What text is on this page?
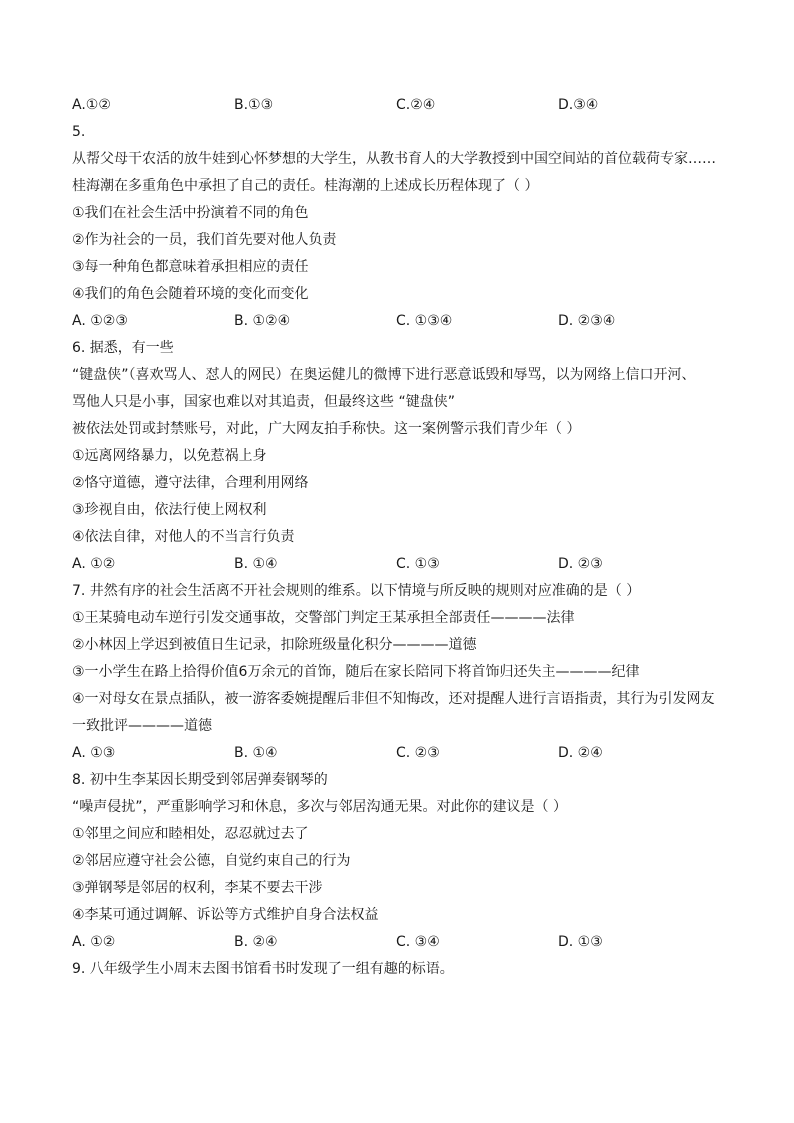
A.①②	B.①③	C.②④	D.③④
5.
从帮父母干农活的放牛娃到心怀梦想的大学生，从教书育人的大学教授到中国空间站的首位载荷专家……
桂海潮在多重角色中承担了自己的责任。桂海潮的上述成长历程体现了（ ）
①我们在社会生活中扮演着不同的角色
②作为社会的一员，我们首先要对他人负责
③每一种角色都意味着承担相应的责任
④我们的角色会随着环境的变化而变化
A. ①②③	B. ①②④	C. ①③④	D. ②③④
6. 据悉，有一些
“键盘侠”（喜欢骂人、怼人的网民）在奥运健儿的微博下进行恶意诋毁和辱骂，以为网络上信口开河、
骂他人只是小事，国家也难以对其追责，但最终这些 “键盘侠”
被依法处罚或封禁账号，对此，广大网友拍手称快。这一案例警示我们青少年（ ）
①远离网络暴力，以免惹祸上身
②恪守道德，遵守法律，合理利用网络
③珍视自由，依法行使上网权利
④依法自律，对他人的不当言行负责
A. ①②	B. ①④	C. ①③	D. ②③
7. 井然有序的社会生活离不开社会规则的维系。以下情境与所反映的规则对应准确的是（ ）
①王某骑电动车逆行引发交通事故，交警部门判定王某承担全部责任————法律
②小林因上学迟到被值日生记录，扣除班级量化积分————道德
③一小学生在路上拾得价值6万余元的首饰，随后在家长陪同下将首饰归还失主————纪律
④一对母女在景点插队，被一游客委婉提醒后非但不知悔改，还对提醒人进行言语指责，其行为引发网友
一致批评————道德
A. ①③	B. ①④	C. ②③	D. ②④
8. 初中生李某因长期受到邻居弹奏钢琴的
“噪声侵扰”，严重影响学习和休息，多次与邻居沟通无果。对此你的建议是（ ）
①邻里之间应和睦相处，忍忍就过去了
②邻居应遵守社会公德，自觉约束自己的行为
③弹钢琴是邻居的权利，李某不要去干涉
④李某可通过调解、诉讼等方式维护自身合法权益
A. ①②	B. ②④	C. ③④	D. ①③
9. 八年级学生小周末去图书馆看书时发现了一组有趣的标语。
